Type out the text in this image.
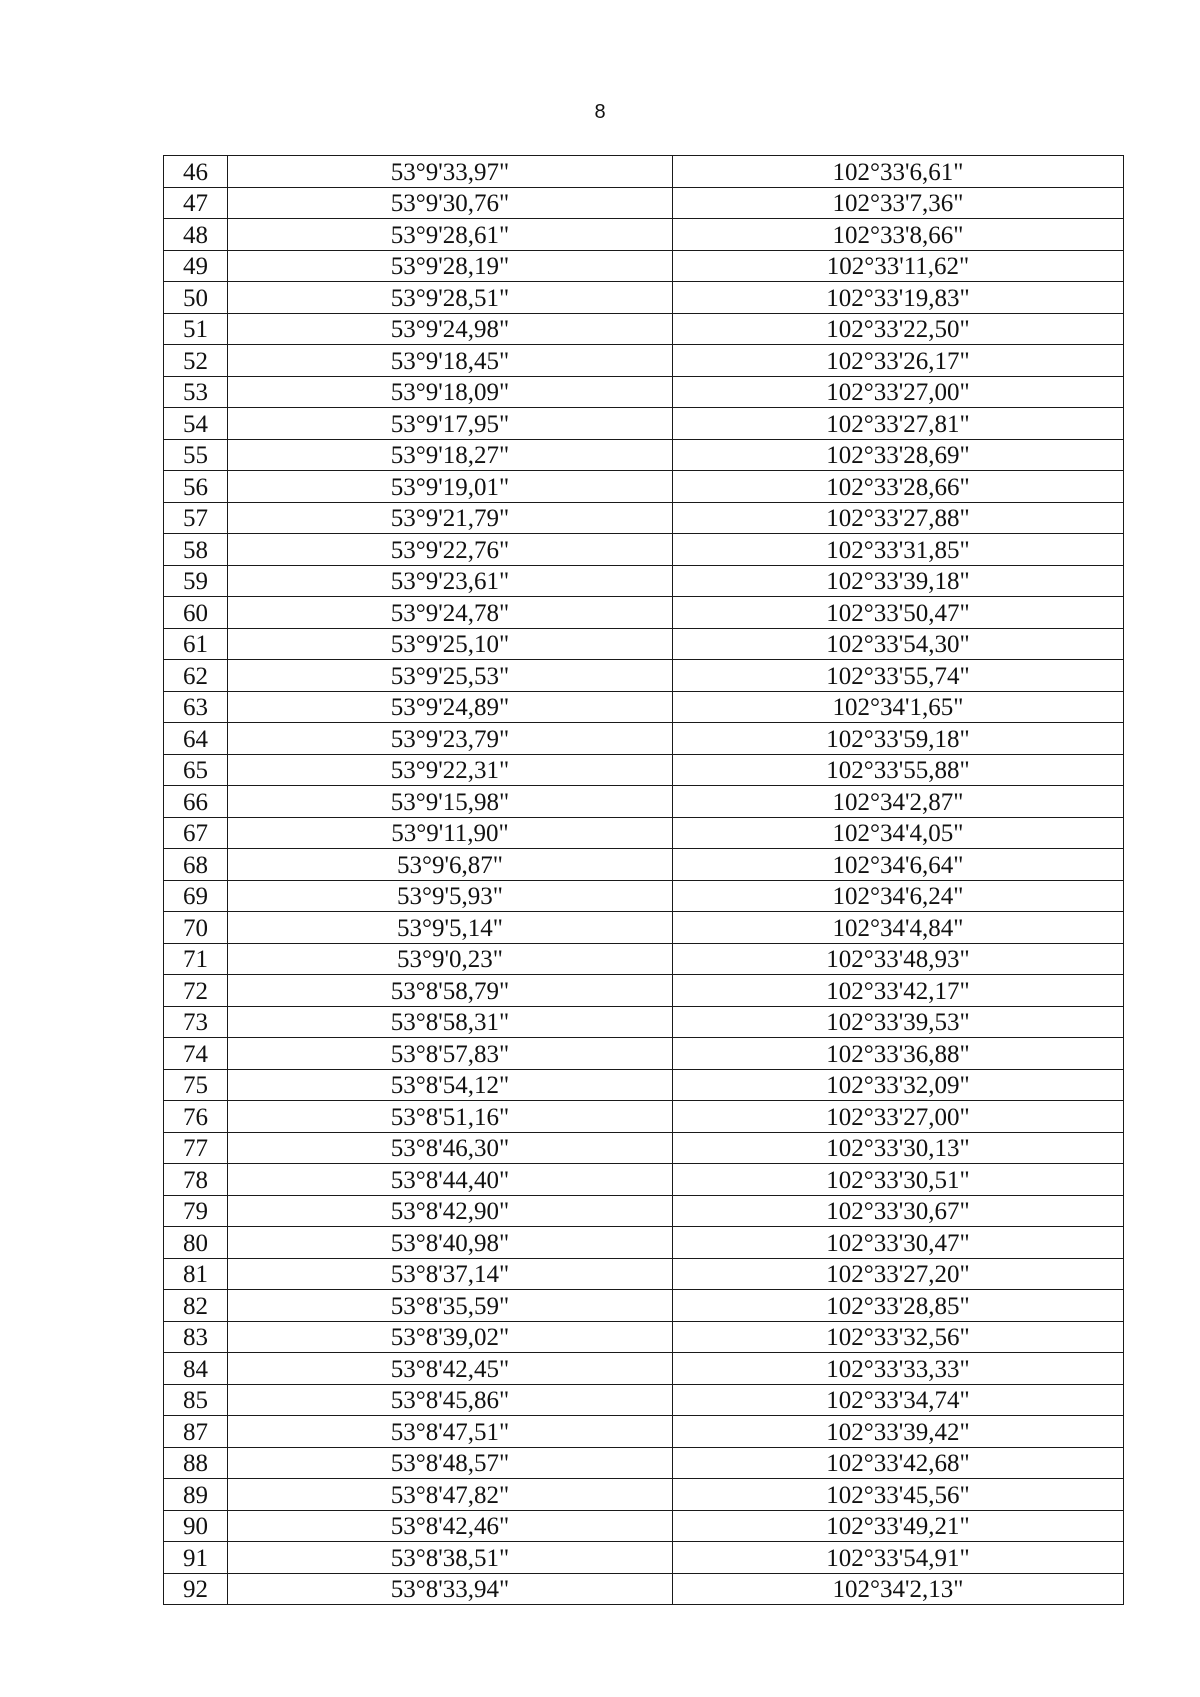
8
46	53°9'33,97"	102°33'6,61"
47	53°9'30,76"	102°33'7,36"
48	53°9'28,61"	102°33'8,66"
49	53°9'28,19"	102°33'11,62"
50	53°9'28,51"	102°33'19,83"
51	53°9'24,98"	102°33'22,50"
52	53°9'18,45"	102°33'26,17"
53	53°9'18,09"	102°33'27,00"
54	53°9'17,95"	102°33'27,81"
55	53°9'18,27"	102°33'28,69"
56	53°9'19,01"	102°33'28,66"
57	53°9'21,79"	102°33'27,88"
58	53°9'22,76"	102°33'31,85"
59	53°9'23,61"	102°33'39,18"
60	53°9'24,78"	102°33'50,47"
61	53°9'25,10"	102°33'54,30"
62	53°9'25,53"	102°33'55,74"
63	53°9'24,89"	102°34'1,65"
64	53°9'23,79"	102°33'59,18"
65	53°9'22,31"	102°33'55,88"
66	53°9'15,98"	102°34'2,87"
67	53°9'11,90"	102°34'4,05"
68	53°9'6,87"	102°34'6,64"
69	53°9'5,93"	102°34'6,24"
70	53°9'5,14"	102°34'4,84"
71	53°9'0,23"	102°33'48,93"
72	53°8'58,79"	102°33'42,17"
73	53°8'58,31"	102°33'39,53"
74	53°8'57,83"	102°33'36,88"
75	53°8'54,12"	102°33'32,09"
76	53°8'51,16"	102°33'27,00"
77	53°8'46,30"	102°33'30,13"
78	53°8'44,40"	102°33'30,51"
79	53°8'42,90"	102°33'30,67"
80	53°8'40,98"	102°33'30,47"
81	53°8'37,14"	102°33'27,20"
82	53°8'35,59"	102°33'28,85"
83	53°8'39,02"	102°33'32,56"
84	53°8'42,45"	102°33'33,33"
85	53°8'45,86"	102°33'34,74"
87	53°8'47,51"	102°33'39,42"
88	53°8'48,57"	102°33'42,68"
89	53°8'47,82"	102°33'45,56"
90	53°8'42,46"	102°33'49,21"
91	53°8'38,51"	102°33'54,91"
92	53°8'33,94"	102°34'2,13"
